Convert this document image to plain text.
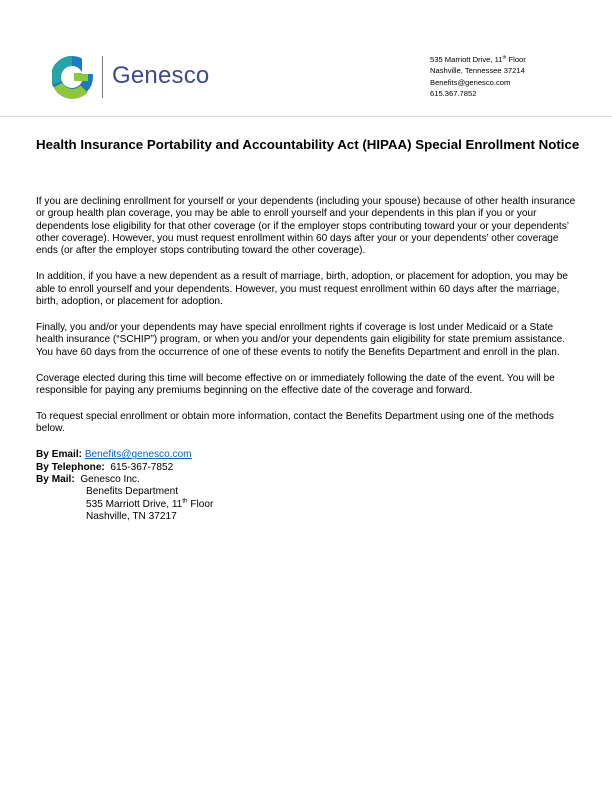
Genesco
535 Marriott Drive, 11th Floor
Nashville, Tennessee 37214
Benefits@genesco.com
615.367.7852
Health Insurance Portability and Accountability Act (HIPAA) Special Enrollment Notice

If you are declining enrollment for yourself or your dependents (including your spouse) because of other health insurance or group health plan coverage, you may be able to enroll yourself and your dependents in this plan if you or your dependents lose eligibility for that other coverage (or if the employer stops contributing toward your or your dependents’ other coverage). However, you must request enrollment within 60 days after your or your dependents’ other coverage ends (or after the employer stops contributing toward the other coverage).

In addition, if you have a new dependent as a result of marriage, birth, adoption, or placement for adoption, you may be able to enroll yourself and your dependents. However, you must request enrollment within 60 days after the marriage, birth, adoption, or placement for adoption.

Finally, you and/or your dependents may have special enrollment rights if coverage is lost under Medicaid or a State health insurance (“SCHIP”) program, or when you and/or your dependents gain eligibility for state premium assistance. You have 60 days from the occurrence of one of these events to notify the Benefits Department and enroll in the plan.

Coverage elected during this time will become effective on or immediately following the date of the event. You will be responsible for paying any premiums beginning on the effective date of the coverage and forward.

To request special enrollment or obtain more information, contact the Benefits Department using one of the methods below.

By Email: Benefits@genesco.com
By Telephone: 615-367-7852
By Mail: Genesco Inc.
Benefits Department
535 Marriott Drive, 11th Floor
Nashville, TN 37217
